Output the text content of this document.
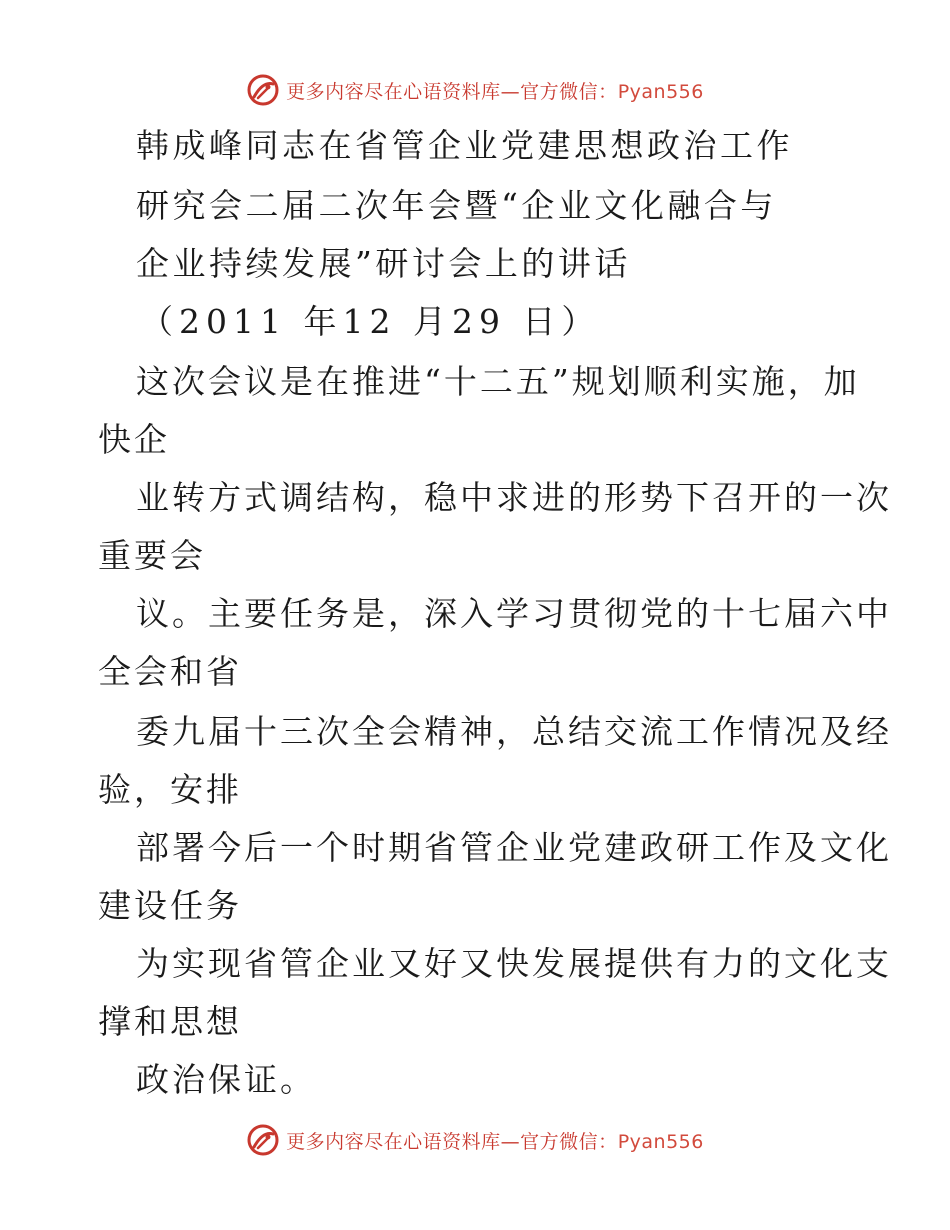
更多内容尽在心语资料库—官方微信：Pyan556
韩成峰同志在省管企业党建思想政治工作
研究会二届二次年会暨“企业文化融合与
企业持续发展”研讨会上的讲话
（2011 年12 月29 日）
这次会议是在推进“十二五”规划顺利实施，加
快企
业转方式调结构，稳中求进的形势下召开的一次
重要会
议。主要任务是，深入学习贯彻党的十七届六中
全会和省
委九届十三次全会精神，总结交流工作情况及经
验，安排
部署今后一个时期省管企业党建政研工作及文化
建设任务
为实现省管企业又好又快发展提供有力的文化支
撑和思想
政治保证。
更多内容尽在心语资料库—官方微信：Pyan556
